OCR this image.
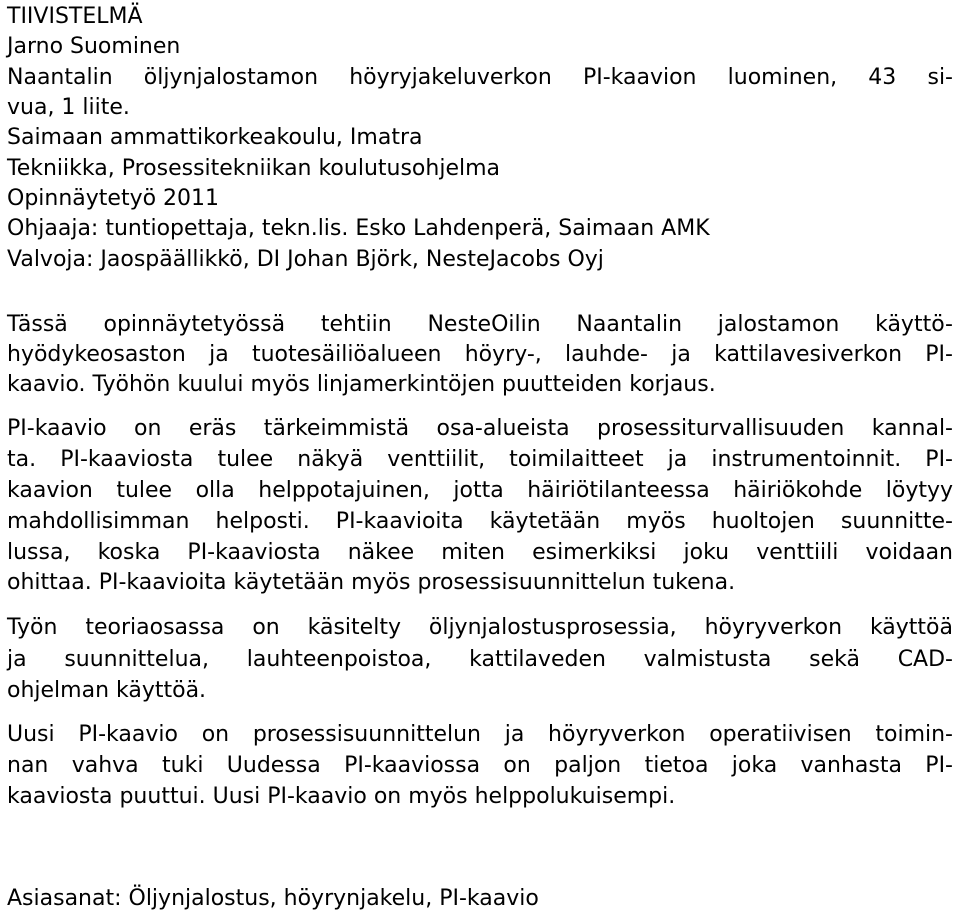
TIIVISTELMÄ
Jarno Suominen
Naantalin öljynjalostamon höyryjakeluverkon PI-kaavion luominen, 43 si-
vua, 1 liite.
Saimaan ammattikorkeakoulu, Imatra
Tekniikka, Prosessitekniikan koulutusohjelma
Opinnäytetyö 2011
Ohjaaja: tuntiopettaja, tekn.lis. Esko Lahdenperä, Saimaan AMK
Valvoja: Jaospäällikkö, DI Johan Björk, NesteJacobs Oyj
Tässä opinnäytetyössä tehtiin NesteOilin Naantalin jalostamon käyttö-
hyödykeosaston ja tuotesäiliöalueen höyry-, lauhde- ja kattilavesiverkon PI-
kaavio. Työhön kuului myös linjamerkintöjen puutteiden korjaus.
PI-kaavio on eräs tärkeimmistä osa-alueista prosessiturvallisuuden kannal-
ta. PI-kaaviosta tulee näkyä venttiilit, toimilaitteet ja instrumentoinnit. PI-
kaavion tulee olla helppotajuinen, jotta häiriötilanteessa häiriökohde löytyy
mahdollisimman helposti. PI-kaavioita käytetään myös huoltojen suunnitte-
lussa, koska PI-kaaviosta näkee miten esimerkiksi joku venttiili voidaan
ohittaa. PI-kaavioita käytetään myös prosessisuunnittelun tukena.
Työn teoriaosassa on käsitelty öljynjalostusprosessia, höyryverkon käyttöä
ja suunnittelua, lauhteenpoistoa, kattilaveden valmistusta sekä CAD-
ohjelman käyttöä.
Uusi PI-kaavio on prosessisuunnittelun ja höyryverkon operatiivisen toimin-
nan vahva tuki Uudessa PI-kaaviossa on paljon tietoa joka vanhasta PI-
kaaviosta puuttui. Uusi PI-kaavio on myös helppolukuisempi.
Asiasanat: Öljynjalostus, höyrynjakelu, PI-kaavio
